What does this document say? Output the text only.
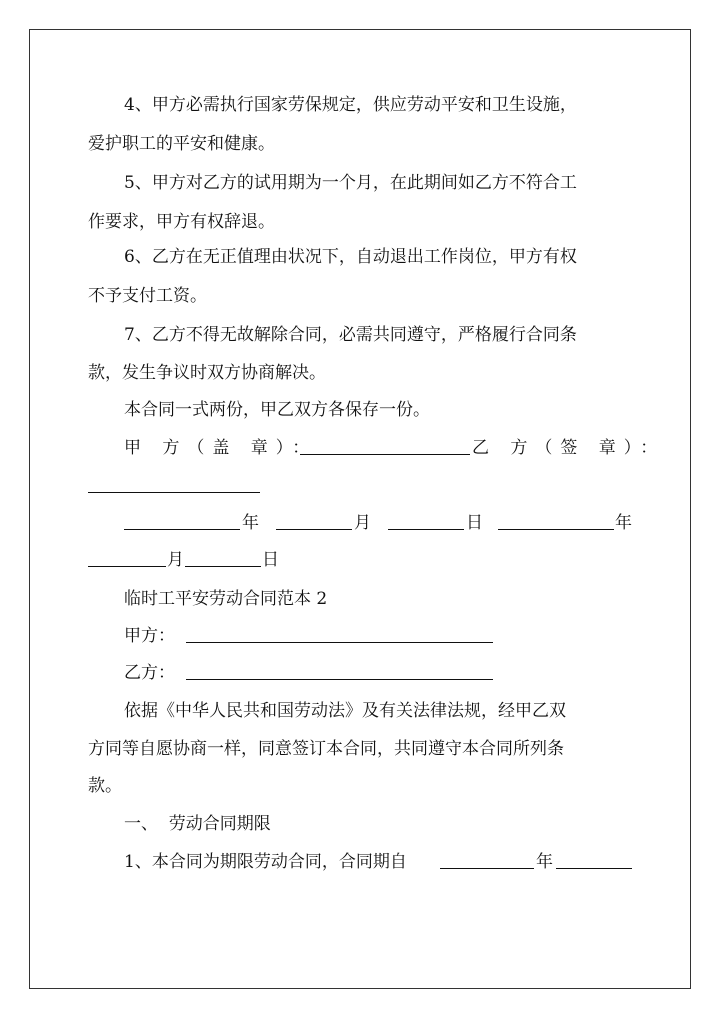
4、甲方必需执行国家劳保规定，供应劳动平安和卫生设施，
爱护职工的平安和健康。
5、甲方对乙方的试用期为一个月，在此期间如乙方不符合工
作要求，甲方有权辞退。
6、乙方在无正值理由状况下，自动退出工作岗位，甲方有权
不予支付工资。
7、乙方不得无故解除合同，必需共同遵守，严格履行合同条
款，发生争议时双方协商解决。
本合同一式两份，甲乙双方各保存一份。
甲 方（盖 章）：	乙 方（签 章）：
年	月	日	年
月	日
临时工平安劳动合同范本 2
甲方：
乙方：
依据《中华人民共和国劳动法》及有关法律法规，经甲乙双
方同等自愿协商一样，同意签订本合同，共同遵守本合同所列条
款。
一、  劳动合同期限
1、本合同为期限劳动合同，合同期自	年
